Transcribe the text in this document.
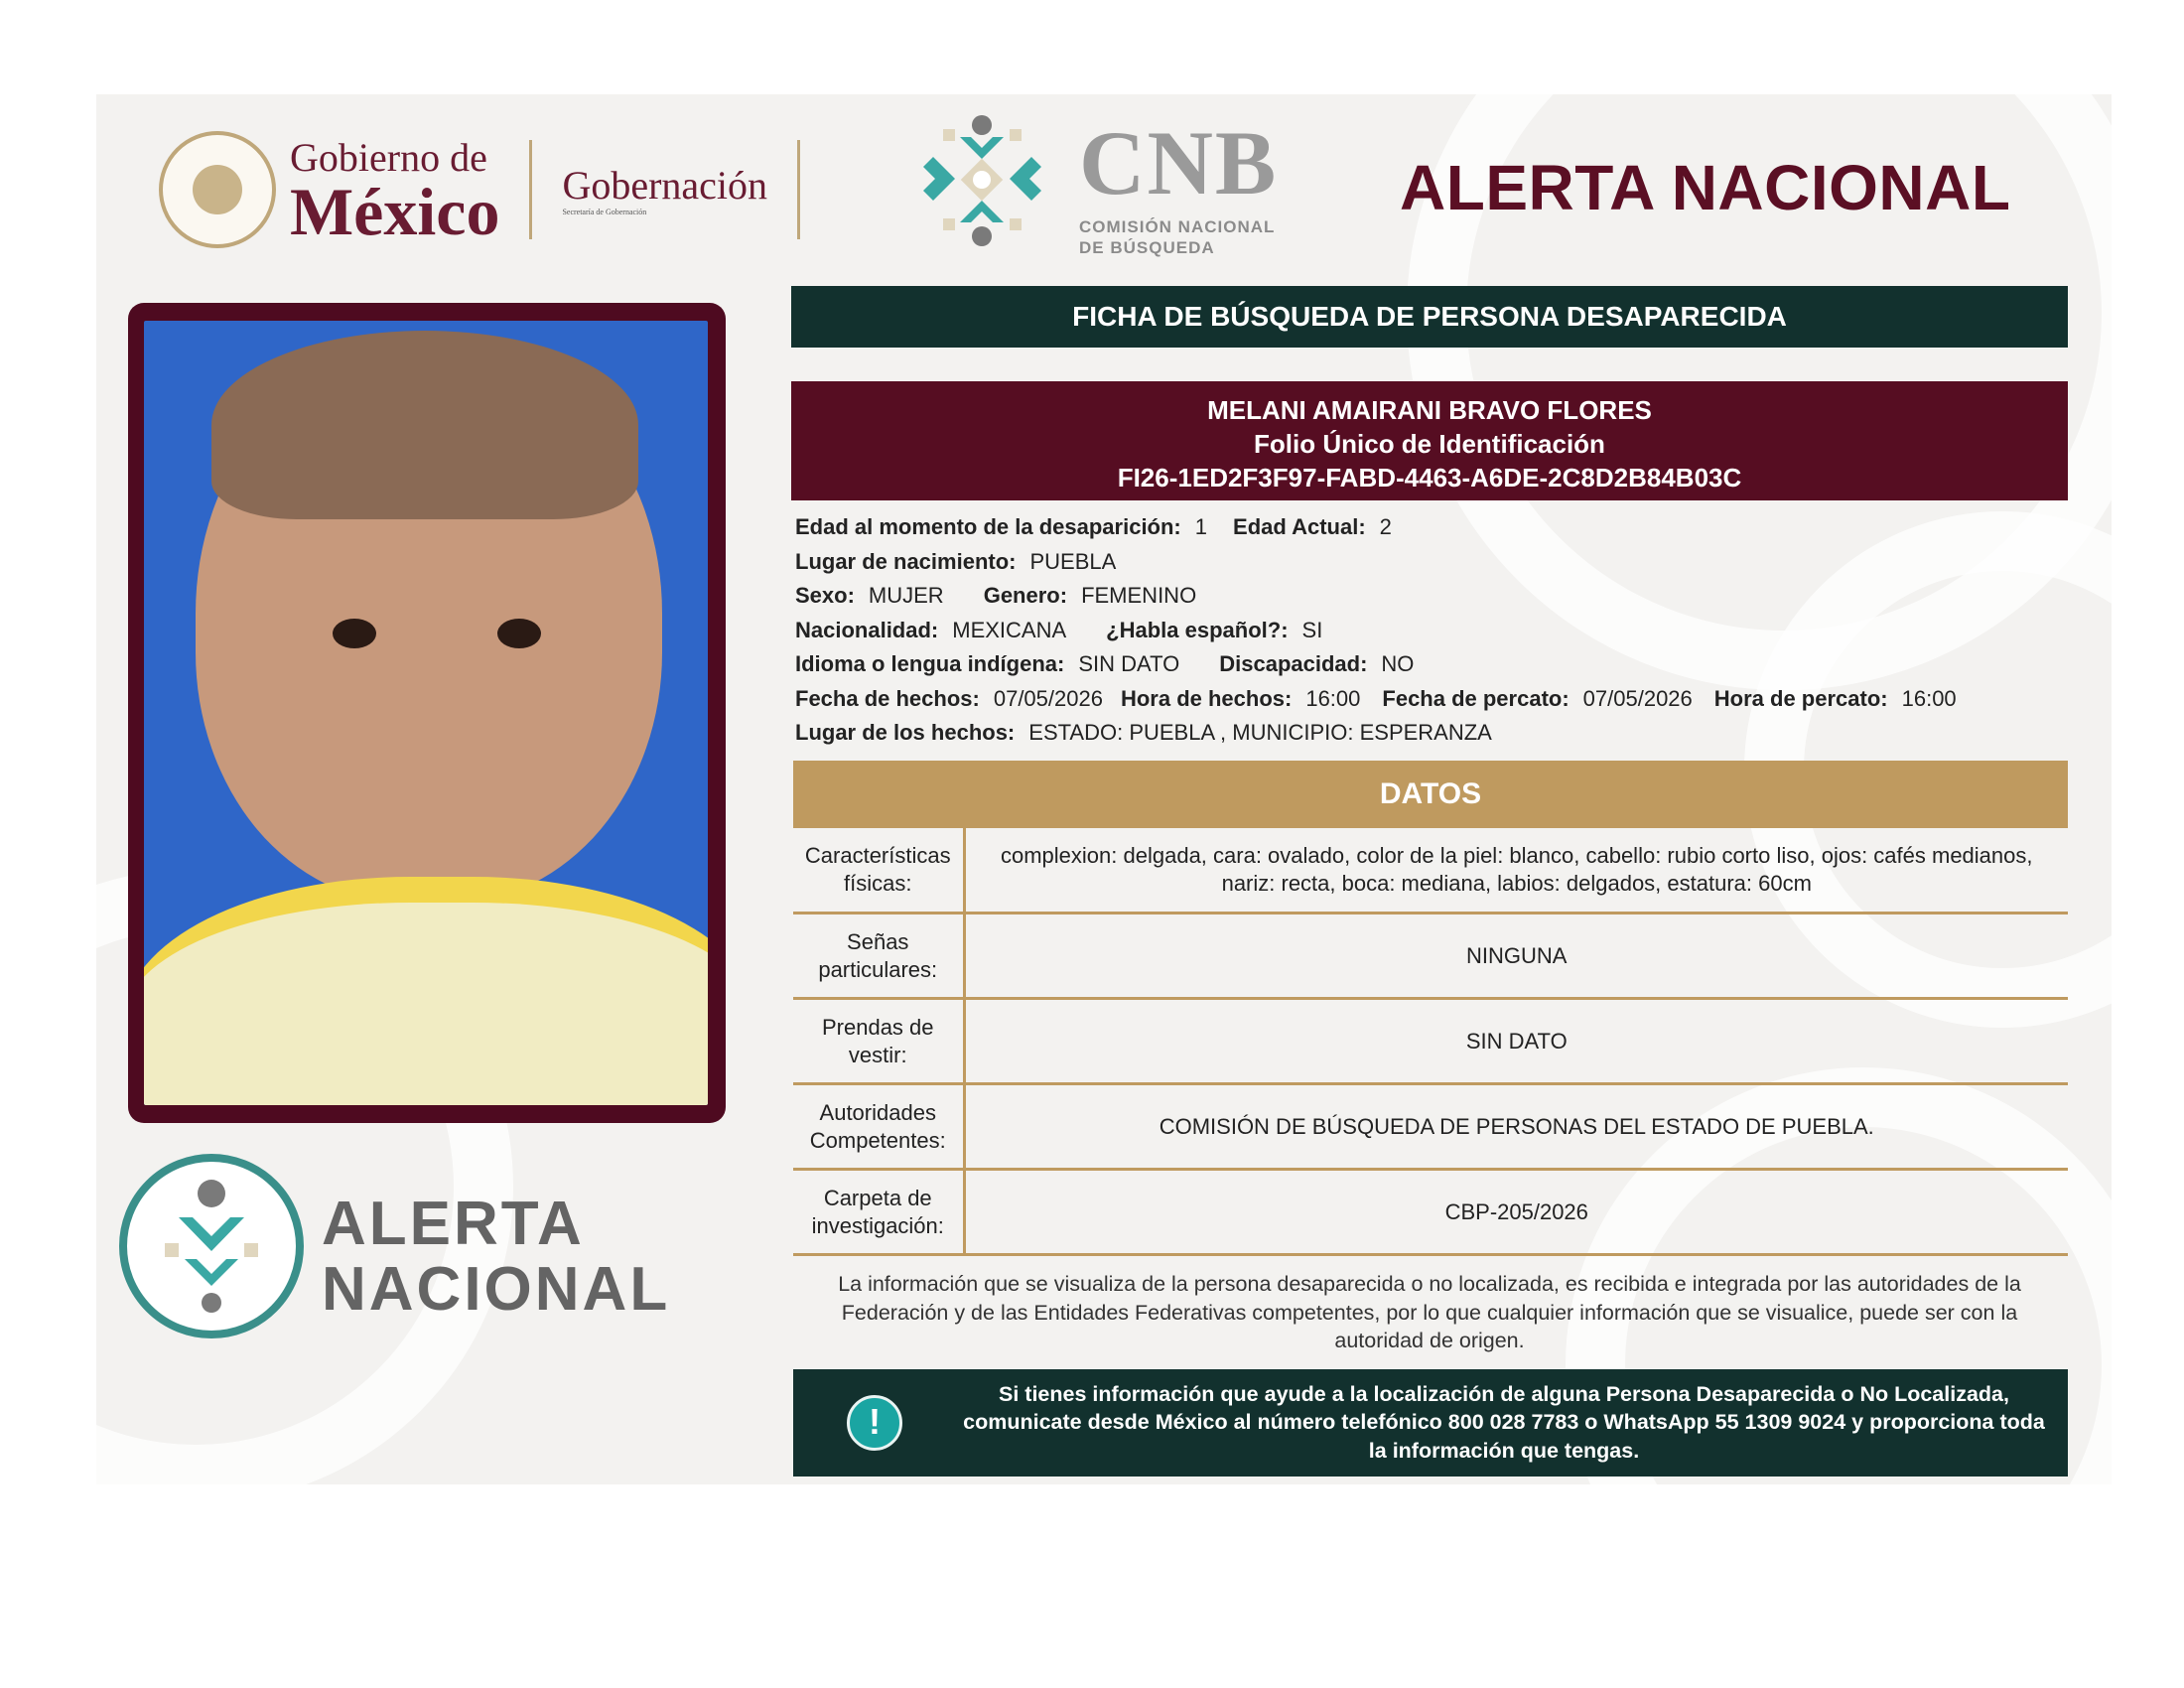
Gobierno de
México Gobernación
Secretaría de Gobernación	CNB
COMISIÓN NACIONAL
DE BÚSQUEDA
ALERTA NACIONAL
ALERTA
NACIONAL
FICHA DE BÚSQUEDA DE PERSONA DESAPARECIDA
MELANI AMAIRANI BRAVO FLORES
Folio Único de Identificación
FI26-1ED2F3F97-FABD-4463-A6DE-2C8D2B84B03C
Edad al momento de la desaparición: 1 Edad Actual: 2
Lugar de nacimiento: PUEBLA
Sexo: MUJER Genero: FEMENINO
Nacionalidad: MEXICANA ¿Habla español?: SI
Idioma o lengua indígena: SIN DATO Discapacidad: NO
Fecha de hechos: 07/05/2026 Hora de hechos: 16:00 Fecha de percato: 07/05/2026 Hora de percato: 16:00
Lugar de los hechos: ESTADO: PUEBLA , MUNICIPIO: ESPERANZA
DATOS
Características
físicas:	complexion: delgada, cara: ovalado, color de la piel: blanco, cabello: rubio corto liso, ojos: cafés medianos, nariz: recta, boca: mediana, labios: delgados, estatura: 60cm
Señas
particulares:	NINGUNA
Prendas de
vestir:	SIN DATO
Autoridades
Competentes:	COMISIÓN DE BÚSQUEDA DE PERSONAS DEL ESTADO DE PUEBLA.
Carpeta de
investigación:	CBP-205/2026
La información que se visualiza de la persona desaparecida o no localizada, es recibida e integrada por las autoridades de la Federación y de las Entidades Federativas competentes, por lo que cualquier información que se visualice, puede ser con la autoridad de origen.
!
Si tienes información que ayude a la localización de alguna Persona Desaparecida o No Localizada, comunicate desde México al número telefónico 800 028 7783 o WhatsApp 55 1309 9024 y proporciona toda la información que tengas.
